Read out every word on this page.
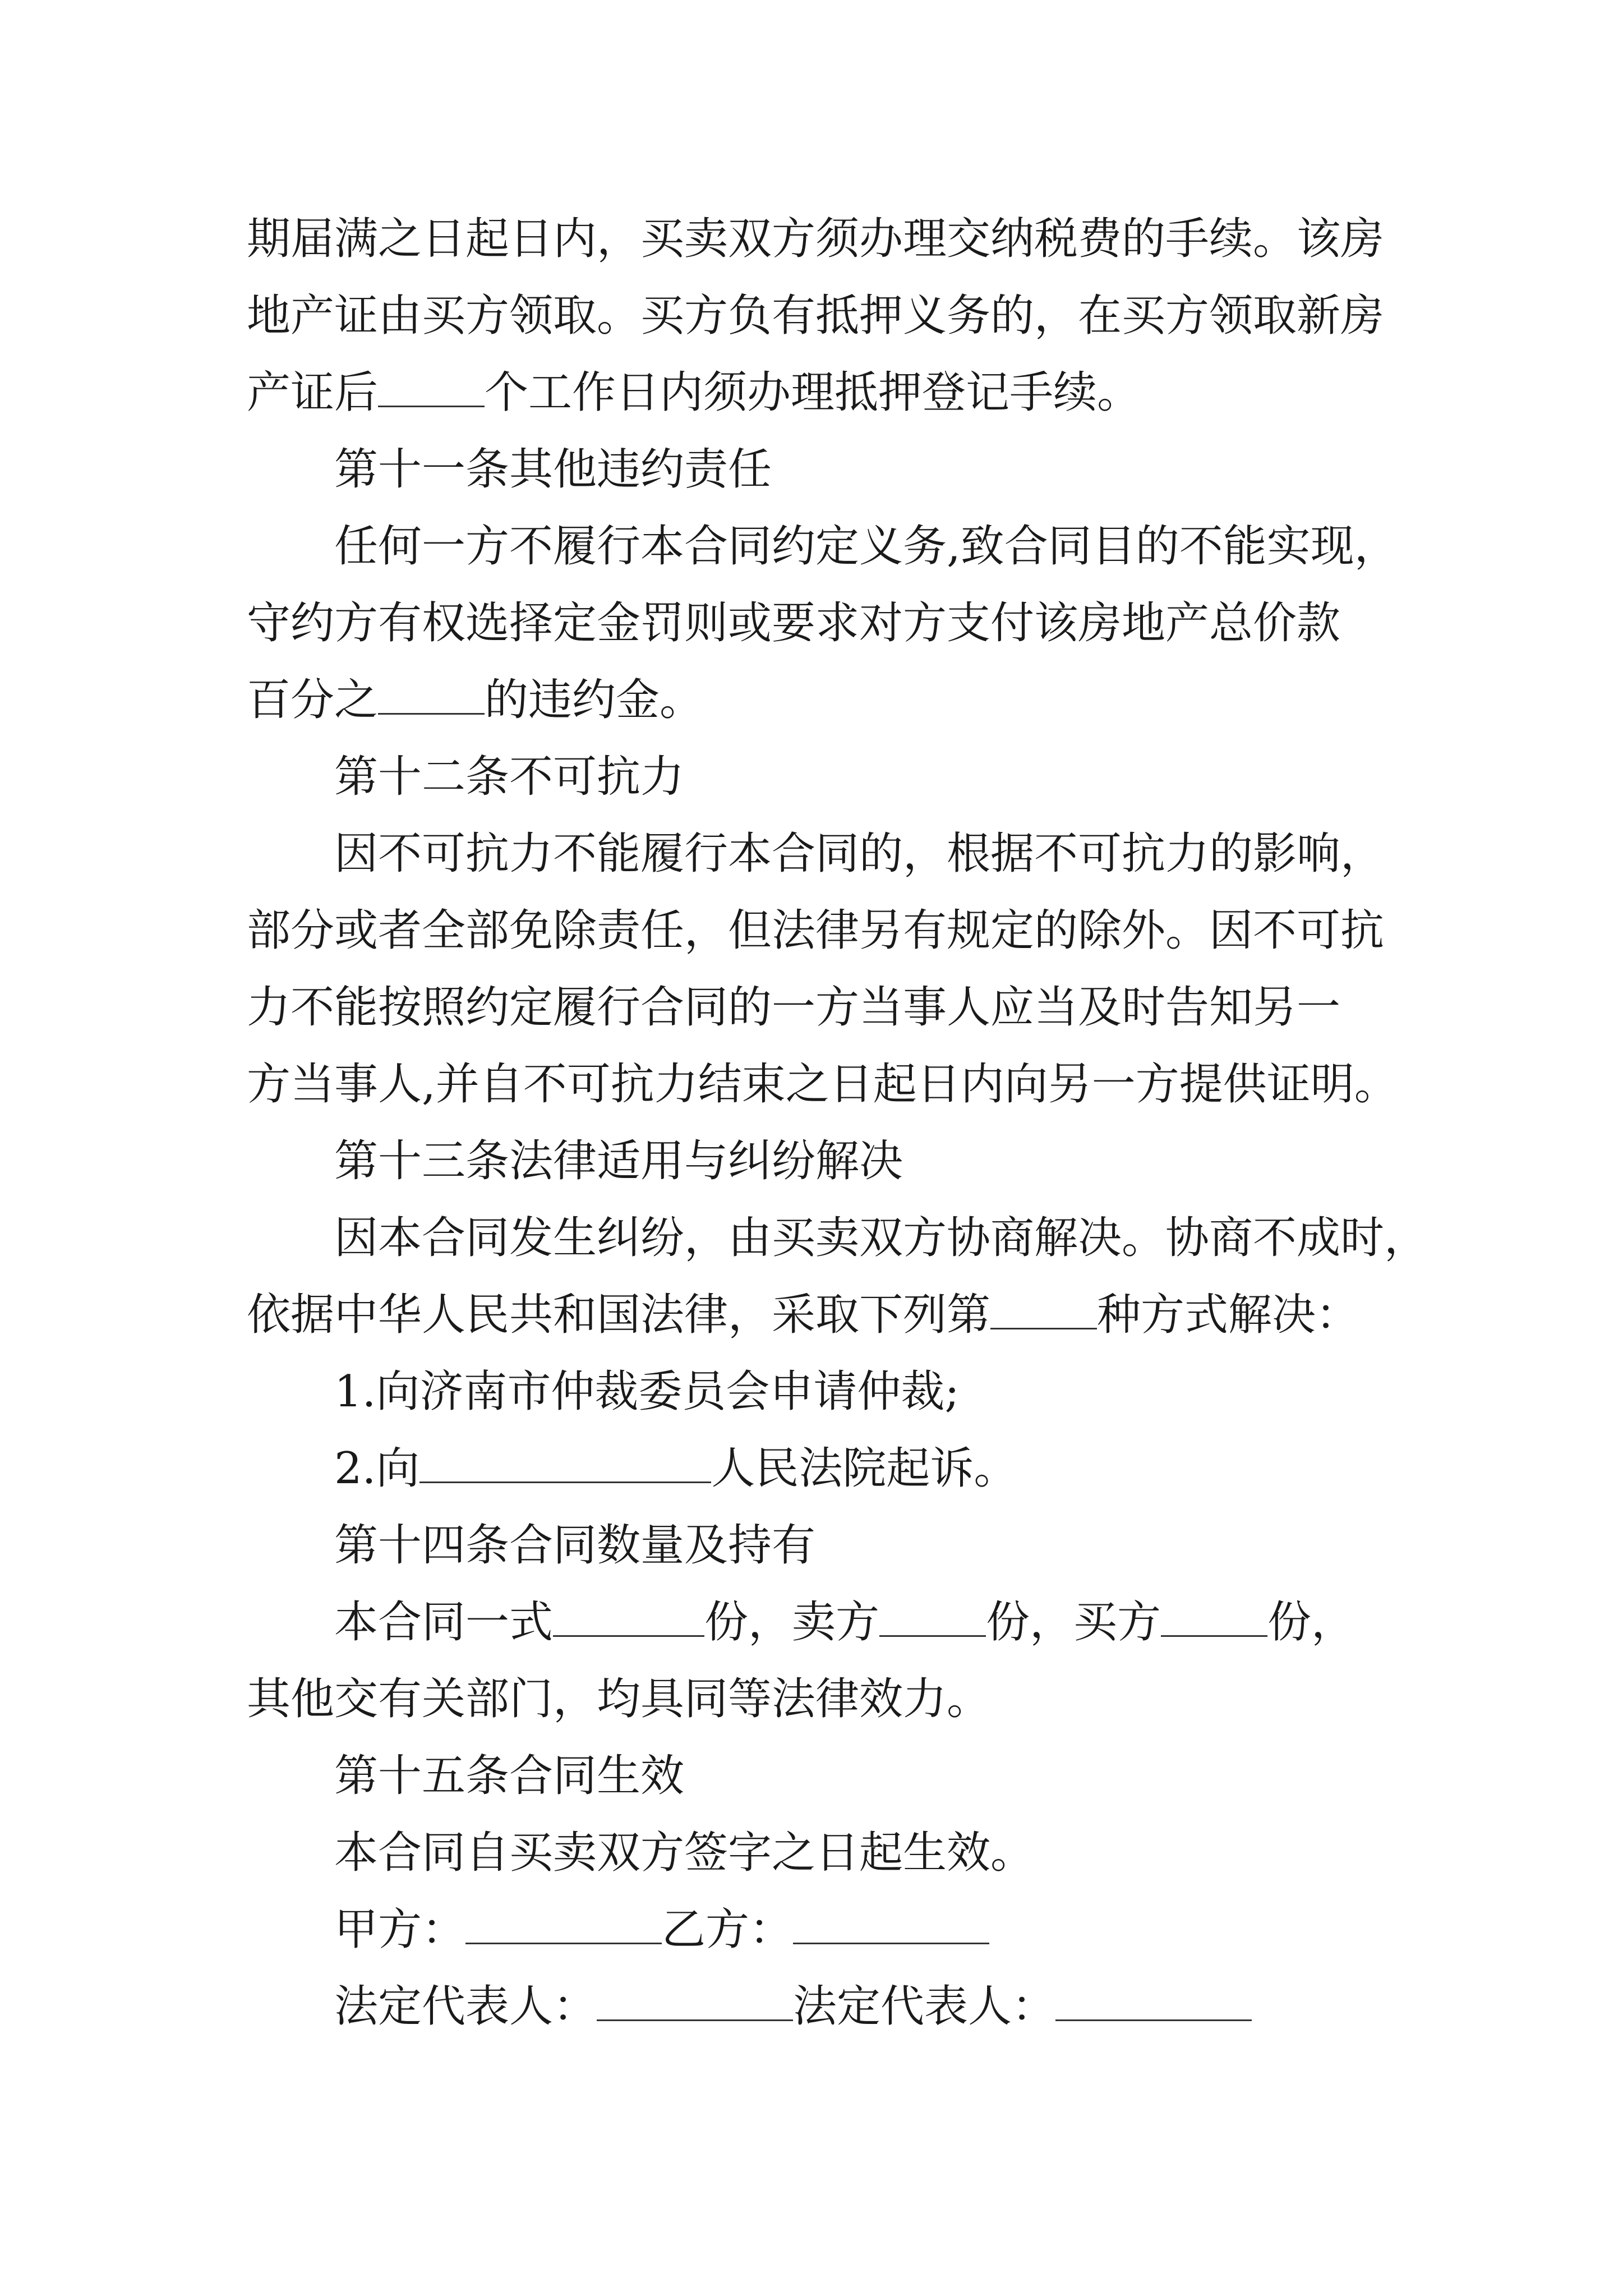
期届满之日起日内，买卖双方须办理交纳税费的手续。该房
地产证由买方领取。买方负有抵押义务的，在买方领取新房
产证后 个工作日内须办理抵押登记手续。
第十一条其他违约责任
任何一方不履行本合同约定义务,致合同目的不能实现，
守约方有权选择定金罚则或要求对方支付该房地产总价款
百分之 的违约金。
第十二条不可抗力
因不可抗力不能履行本合同的，根据不可抗力的影响，
部分或者全部免除责任，但法律另有规定的除外。因不可抗
力不能按照约定履行合同的一方当事人应当及时告知另一
方当事人,并自不可抗力结束之日起日内向另一方提供证明。
第十三条法律适用与纠纷解决
因本合同发生纠纷，由买卖双方协商解决。协商不成时，
依据中华人民共和国法律，采取下列第 种方式解决：
1.向济南市仲裁委员会申请仲裁;
2.向	人民法院起诉。
第十四条合同数量及持有
本合同一式	份，卖方 份，买方 份，
其他交有关部门，均具同等法律效力。
第十五条合同生效
本合同自买卖双方签字之日起生效。
甲方：	乙方：
法定代表人：	法定代表人：
